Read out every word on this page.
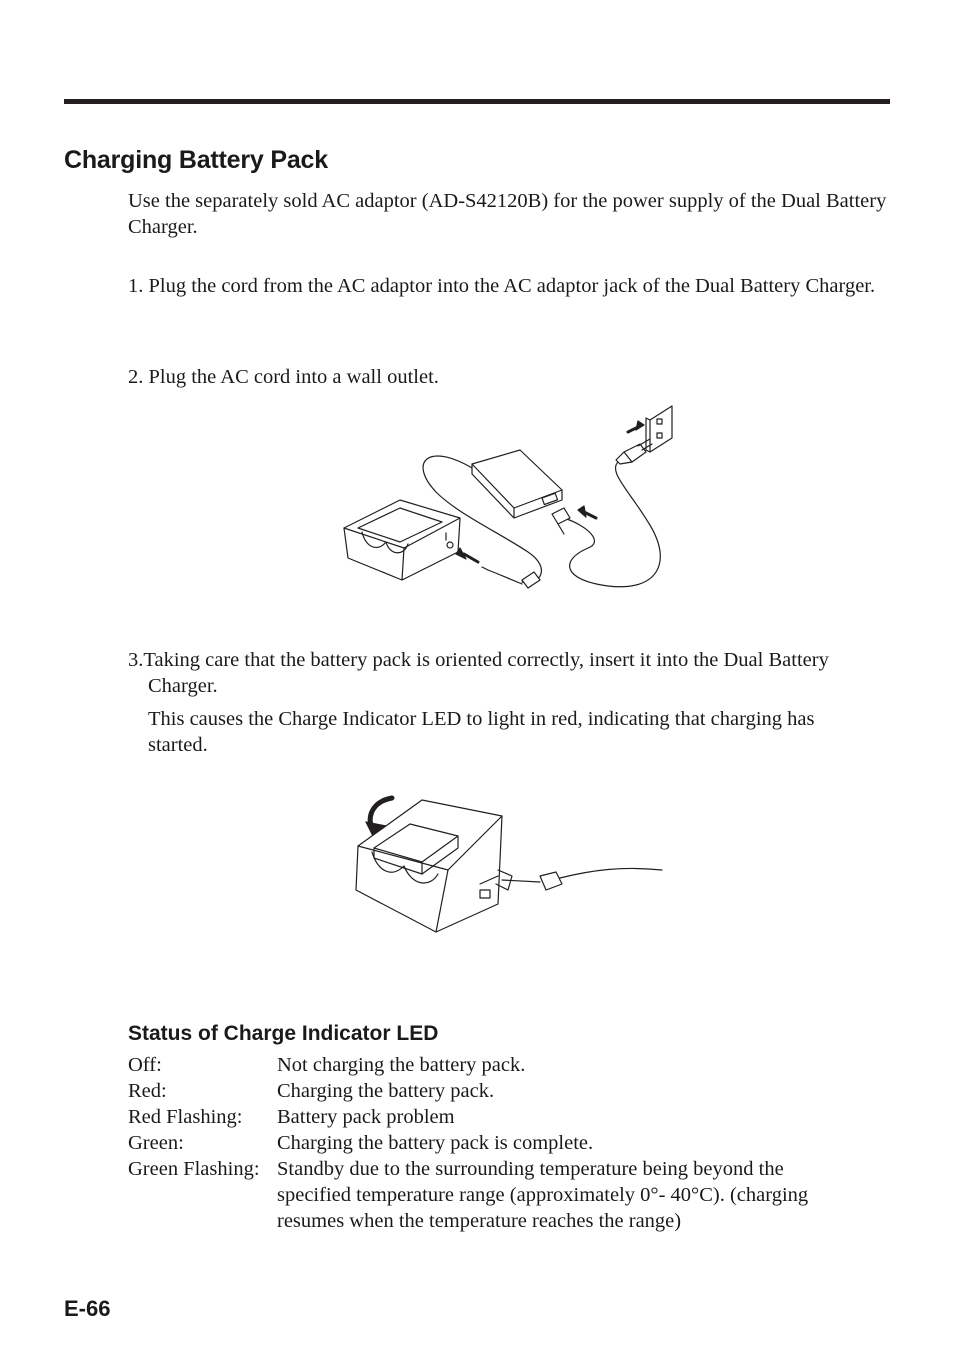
Charging Battery Pack

Use the separately sold AC adaptor (AD-S42120B) for the power supply of the Dual Battery Charger.

1. Plug the cord from the AC adaptor into the AC adaptor jack of the Dual Battery Charger.
2. Plug the AC cord into a wall outlet.
3.Taking care that the battery pack is oriented correctly, insert it into the Dual Battery Charger.

This causes the Charge Indicator LED to light in red, indicating that charging has started.

Status of Charge Indicator LED
Off:	Not charging the battery pack.
Red:	Charging the battery pack.
Red Flashing:	Battery pack problem
Green:	Charging the battery pack is complete.
Green Flashing: Standby due to the surrounding temperature being beyond the specified temperature range (approximately 0°- 40°C). (charging resumes when the temperature reaches the range)
E-66
